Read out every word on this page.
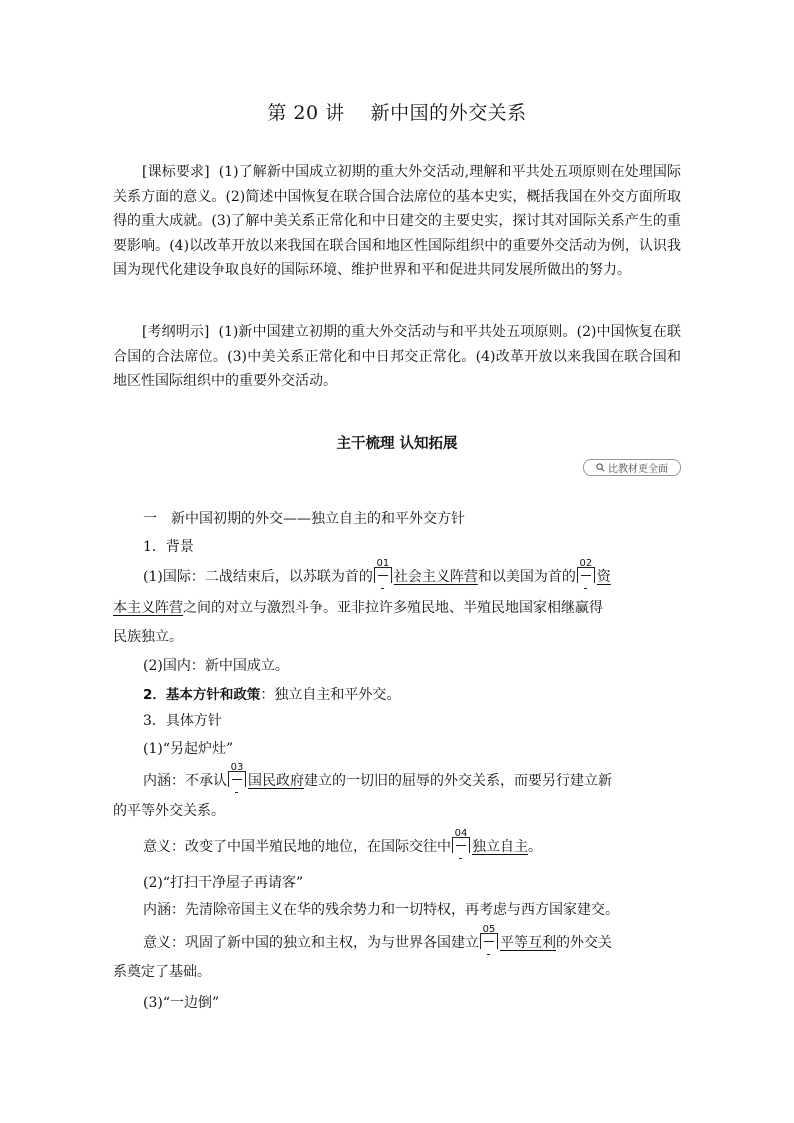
第 20 讲 新中国的外交关系
[课标要求] (1)了解新中国成立初期的重大外交活动,理解和平共处五项原则在处理国际关系方面的意义。(2)简述中国恢复在联合国合法席位的基本史实，概括我国在外交方面所取得的重大成就。(3)了解中美关系正常化和中日建交的主要史实，探讨其对国际关系产生的重要影响。(4)以改革开放以来我国在联合国和地区性国际组织中的重要外交活动为例，认识我国为现代化建设争取良好的国际环境、维护世界和平和促进共同发展所做出的努力。
[考纲明示] (1)新中国建立初期的重大外交活动与和平共处五项原则。(2)中国恢复在联合国的合法席位。(3)中美关系正常化和中日邦交正常化。(4)改革开放以来我国在联合国和地区性国际组织中的重要外交活动。
主干梳理 认知拓展
比教材更全面
一　新中国初期的外交——独立自主的和平外交方针
1．背景
(1)国际：二战结束后，以苏联为首的
01
社会主义阵营和以美国为首的
02
资
本主义阵营之间的对立与激烈斗争。亚非拉许多殖民地、半殖民地国家相继赢得
民族独立。
(2)国内：新中国成立。
2．基本方针和政策：独立自主和平外交。
3．具体方针
(1)“另起炉灶”
内涵：不承认
03
国民政府建立的一切旧的屈辱的外交关系，而要另行建立新
的平等外交关系。
意义：改变了中国半殖民地的地位，在国际交往中
04
独立自主。
(2)“打扫干净屋子再请客”
内涵：先清除帝国主义在华的残余势力和一切特权，再考虑与西方国家建交。
意义：巩固了新中国的独立和主权，为与世界各国建立
05
平等互利的外交关
系奠定了基础。
(3)“一边倒”
